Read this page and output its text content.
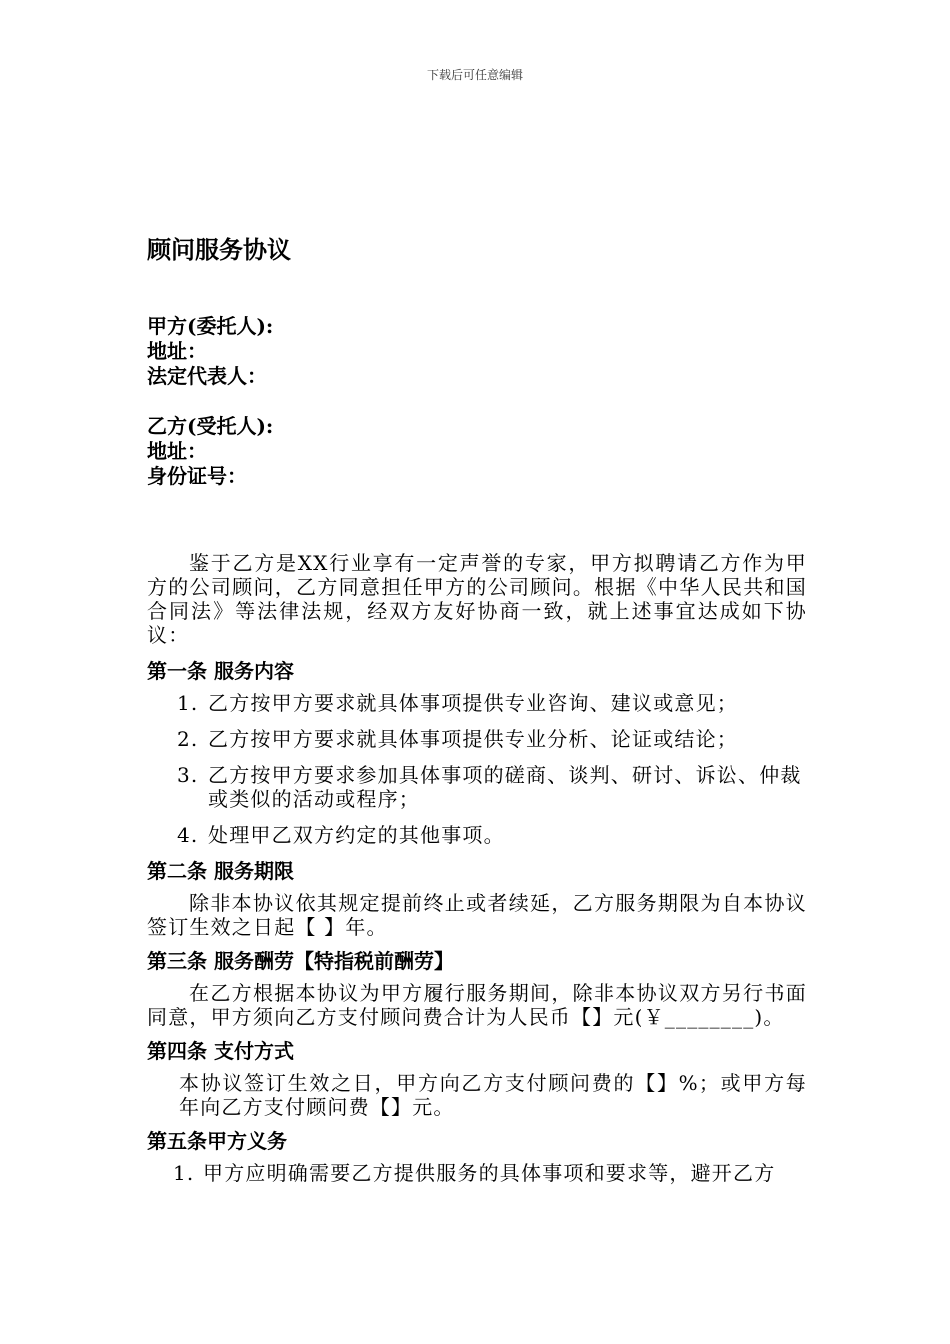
下载后可任意编辑
顾问服务协议
甲方(委托人):
地址：
法定代表人：
乙方(受托人):
地址：
身份证号：
鉴于乙方是XX行业享有一定声誉的专家，甲方拟聘请乙方作为甲方的公司顾问，乙方同意担任甲方的公司顾问。根据《中华人民共和国合同法》等法律法规，经双方友好协商一致，就上述事宜达成如下协议：
第一条 服务内容
1. 乙方按甲方要求就具体事项提供专业咨询、建议或意见；
2. 乙方按甲方要求就具体事项提供专业分析、论证或结论；
3. 乙方按甲方要求参加具体事项的磋商、谈判、研讨、诉讼、仲裁或类似的活动或程序；
4. 处理甲乙双方约定的其他事项。
第二条 服务期限
除非本协议依其规定提前终止或者续延，乙方服务期限为自本协议签订生效之日起【 】年。
第三条 服务酬劳【特指税前酬劳】
在乙方根据本协议为甲方履行服务期间，除非本协议双方另行书面同意，甲方须向乙方支付顾问费合计为人民币【】元(￥________)。
第四条 支付方式
本协议签订生效之日，甲方向乙方支付顾问费的【】%；或甲方每年向乙方支付顾问费【】元。
第五条甲方义务
1. 甲方应明确需要乙方提供服务的具体事项和要求等，避开乙方
